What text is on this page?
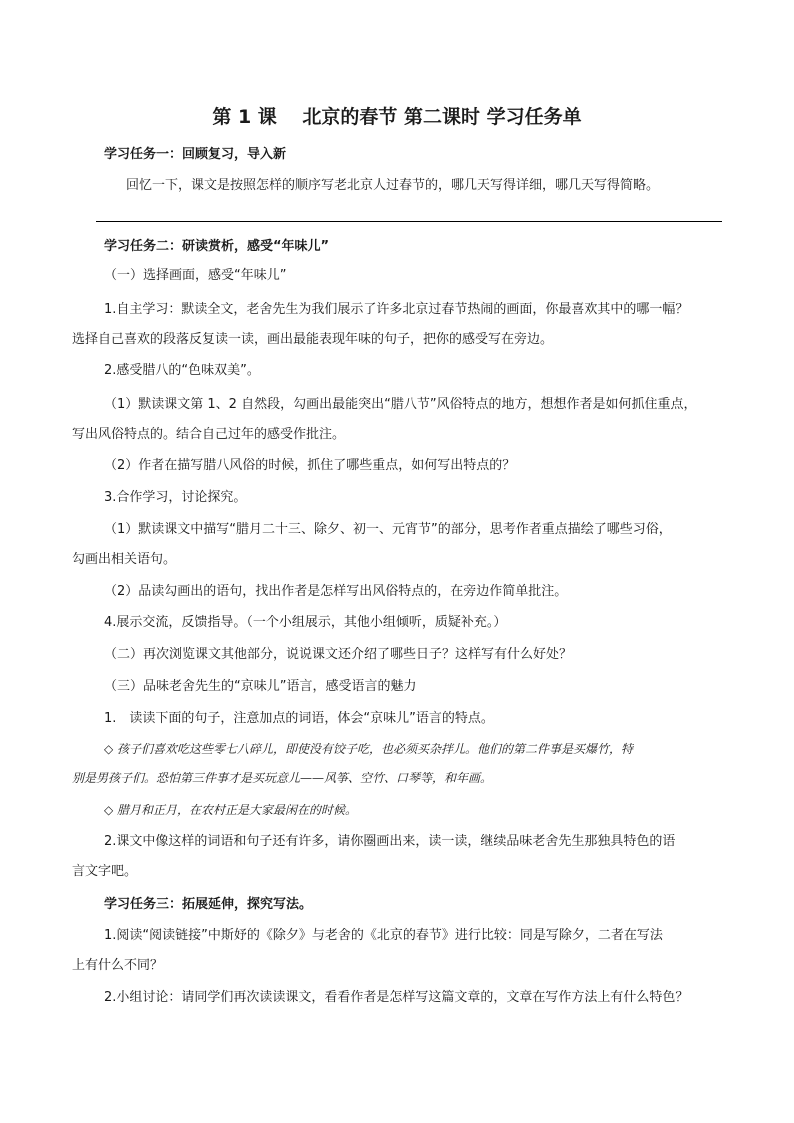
第 1 课　 北京的春节 第二课时 学习任务单
学习任务一：回顾复习，导入新
回忆一下，课文是按照怎样的顺序写老北京人过春节的，哪几天写得详细，哪几天写得简略。
学习任务二：研读赏析，感受“年味儿”
（一）选择画面，感受“年味儿”
1.自主学习：默读全文，老舍先生为我们展示了许多北京过春节热闹的画面，你最喜欢其中的哪一幅？
选择自己喜欢的段落反复读一读，画出最能表现年味的句子，把你的感受写在旁边。
2.感受腊八的“色味双美”。
（1）默读课文第 1、2 自然段，勾画出最能突出“腊八节”风俗特点的地方，想想作者是如何抓住重点，
写出风俗特点的。结合自己过年的感受作批注。
（2）作者在描写腊八风俗的时候，抓住了哪些重点，如何写出特点的？
3.合作学习，讨论探究。
（1）默读课文中描写“腊月二十三、除夕、初一、元宵节”的部分，思考作者重点描绘了哪些习俗，
勾画出相关语句。
（2）品读勾画出的语句，找出作者是怎样写出风俗特点的，在旁边作简单批注。
4.展示交流，反馈指导。（一个小组展示，其他小组倾听，质疑补充。）
（二）再次浏览课文其他部分，说说课文还介绍了哪些日子？这样写有什么好处？
（三）品味老舍先生的“京味儿”语言，感受语言的魅力
1.　读读下面的句子，注意加点的词语，体会“京味儿”语言的特点。
◇ 孩子们喜欢吃这些零七八碎儿，即使没有饺子吃，也必须买杂拌儿。他们的第二件事是买爆竹，特
别是男孩子们。恐怕第三件事才是买玩意儿——风筝、空竹、口琴等，和年画。
◇ 腊月和正月，在农村正是大家最闲在的时候。
2.课文中像这样的词语和句子还有许多，请你圈画出来，读一读，继续品味老舍先生那独具特色的语
言文字吧。
学习任务三：拓展延伸，探究写法。
1.阅读“阅读链接”中斯妤的《除夕》与老舍的《北京的春节》进行比较：同是写除夕，二者在写法
上有什么不同？
2.小组讨论：请同学们再次读读课文，看看作者是怎样写这篇文章的，文章在写作方法上有什么特色？
